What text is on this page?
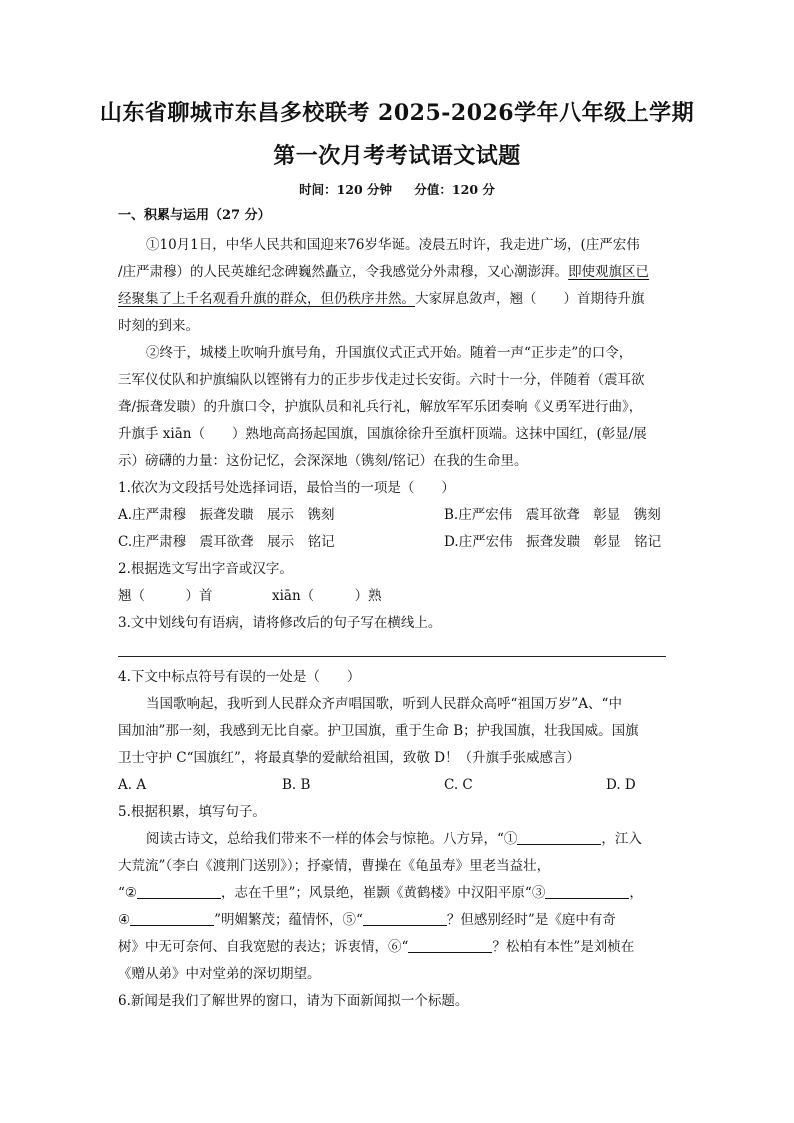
山东省聊城市东昌多校联考 2025-2026学年八年级上学期
第一次月考考试语文试题
时间：120 分钟 分值：120 分
一、积累与运用（27 分）
①10月1日，中华人民共和国迎来76岁华诞。凌晨五时许，我走进广场，(庄严宏伟
/庄严肃穆）的人民英雄纪念碑巍然矗立，令我感觉分外肃穆，又心潮澎湃。即使观旗区已
经聚集了上千名观看升旗的群众，但仍秩序井然。大家屏息敛声，翘（　　）首期待升旗
时刻的到来。
②终于，城楼上吹响升旗号角，升国旗仪式正式开始。随着一声“正步走”的口令，
三军仪仗队和护旗编队以铿锵有力的正步步伐走过长安街。六时十一分，伴随着（震耳欲
聋/振聋发聩）的升旗口令，护旗队员和礼兵行礼，解放军军乐团奏响《义勇军进行曲》，
升旗手 xiān（　　）熟地高高扬起国旗，国旗徐徐升至旗杆顶端。这抹中国红，(彰显/展
示）磅礴的力量：这份记忆，会深深地（镌刻/铭记）在我的生命里。
1.依次为文段括号处选择词语，最恰当的一项是（　　）
A.庄严肃穆　振聋发聩　展示　镌刻	B.庄严宏伟　震耳欲聋　彰显　镌刻
C.庄严肃穆　震耳欲聋　展示　铭记	D.庄严宏伟　振聋发聩　彰显　铭记
2.根据选文写出字音或汉字。
翘（　　　）首	xiān（　　　）熟
3.文中划线句有语病，请将修改后的句子写在横线上。
4.下文中标点符号有误的一处是（　　）
当国歌响起，我听到人民群众齐声唱国歌，听到人民群众高呼“祖国万岁”A、“中
国加油”那一刻，我感到无比自豪。护卫国旗，重于生命 B；护我国旗，壮我国威。国旗
卫士守护 C“国旗红”，将最真挚的爱献给祖国，致敬 D！（升旗手张威感言）
A. A	B. B	C. C	D. D
5.根据积累，填写句子。
阅读古诗文，总给我们带来不一样的体会与惊艳。八方异，“①	，江入
大荒流”（李白《渡荆门送别》）；抒豪情，曹操在《龟虽寿》里老当益壮，
“②	，志在千里”；风景绝，崔颢《黄鹤楼》中汉阳平原“③	，
④	”明媚繁茂；蕴情怀，⑤“	？但感别经时”是《庭中有奇
树》中无可奈何、自我宽慰的表达；诉衷情，⑥“	？松柏有本性”是刘桢在
《赠从弟》中对堂弟的深切期望。
6.新闻是我们了解世界的窗口，请为下面新闻拟一个标题。
